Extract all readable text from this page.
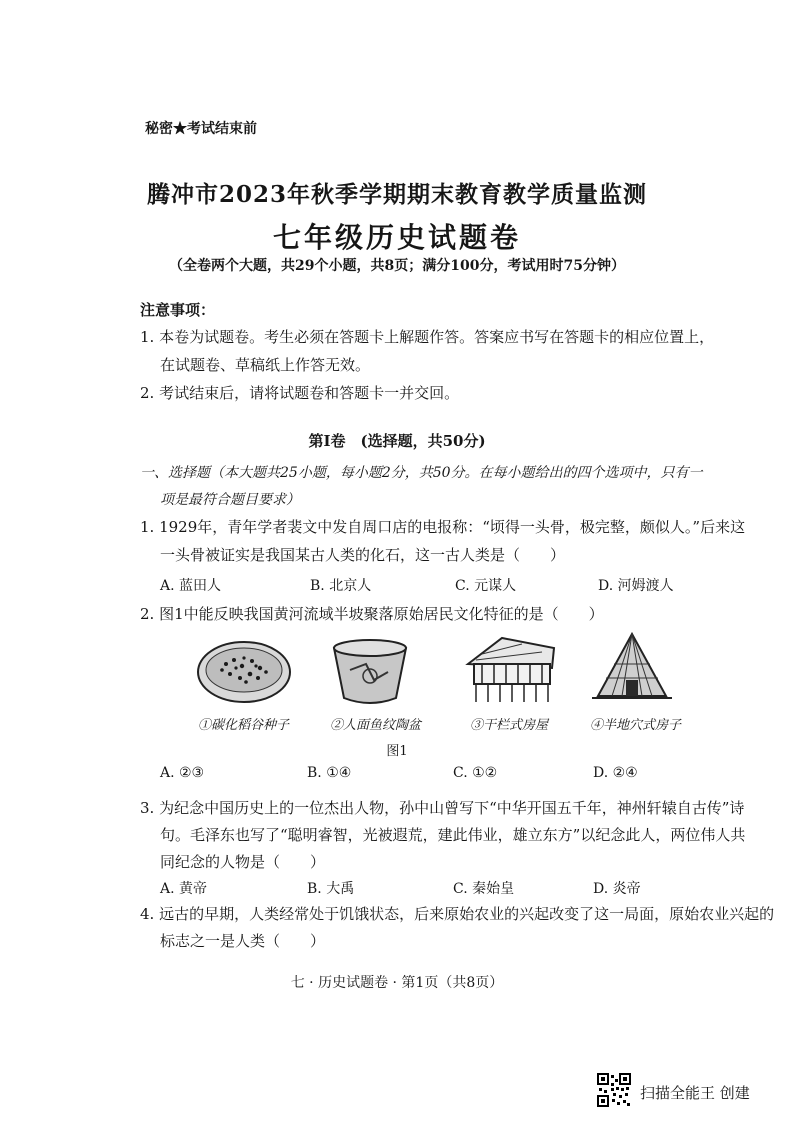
秘密★考试结束前
腾冲市2023年秋季学期期末教育教学质量监测
七年级历史试题卷
（全卷两个大题，共29个小题，共8页；满分100分，考试用时75分钟）
注意事项：
1. 本卷为试题卷。考生必须在答题卡上解题作答。答案应书写在答题卡的相应位置上，
在试题卷、草稿纸上作答无效。
2. 考试结束后，请将试题卷和答题卡一并交回。
第Ⅰ卷　(选择题，共50分)
一、选择题（本大题共25小题，每小题2分，共50分。在每小题给出的四个选项中，只有一
项是最符合题目要求）
1. 1929年，青年学者裴文中发自周口店的电报称：“顷得一头骨，极完整，颇似人。”后来这
一头骨被证实是我国某古人类的化石，这一古人类是（　　）
A. 蓝田人	B. 北京人	C. 元谋人	D. 河姆渡人
2. 图1中能反映我国黄河流域半坡聚落原始居民文化特征的是（　　）
①碳化稻谷种子	②人面鱼纹陶盆	③干栏式房屋	④半地穴式房子
图1
A. ②③	B. ①④	C. ①②	D. ②④
3. 为纪念中国历史上的一位杰出人物，孙中山曾写下“中华开国五千年，神州轩辕自古传”诗
句。毛泽东也写了“聪明睿智，光被遐荒，建此伟业，雄立东方”以纪念此人，两位伟人共
同纪念的人物是（　　）
A. 黄帝	B. 大禹	C. 秦始皇	D. 炎帝
4. 远古的早期，人类经常处于饥饿状态，后来原始农业的兴起改变了这一局面，原始农业兴起的
标志之一是人类（　　）
七 · 历史试题卷 · 第1页（共8页）
扫描全能王 创建
